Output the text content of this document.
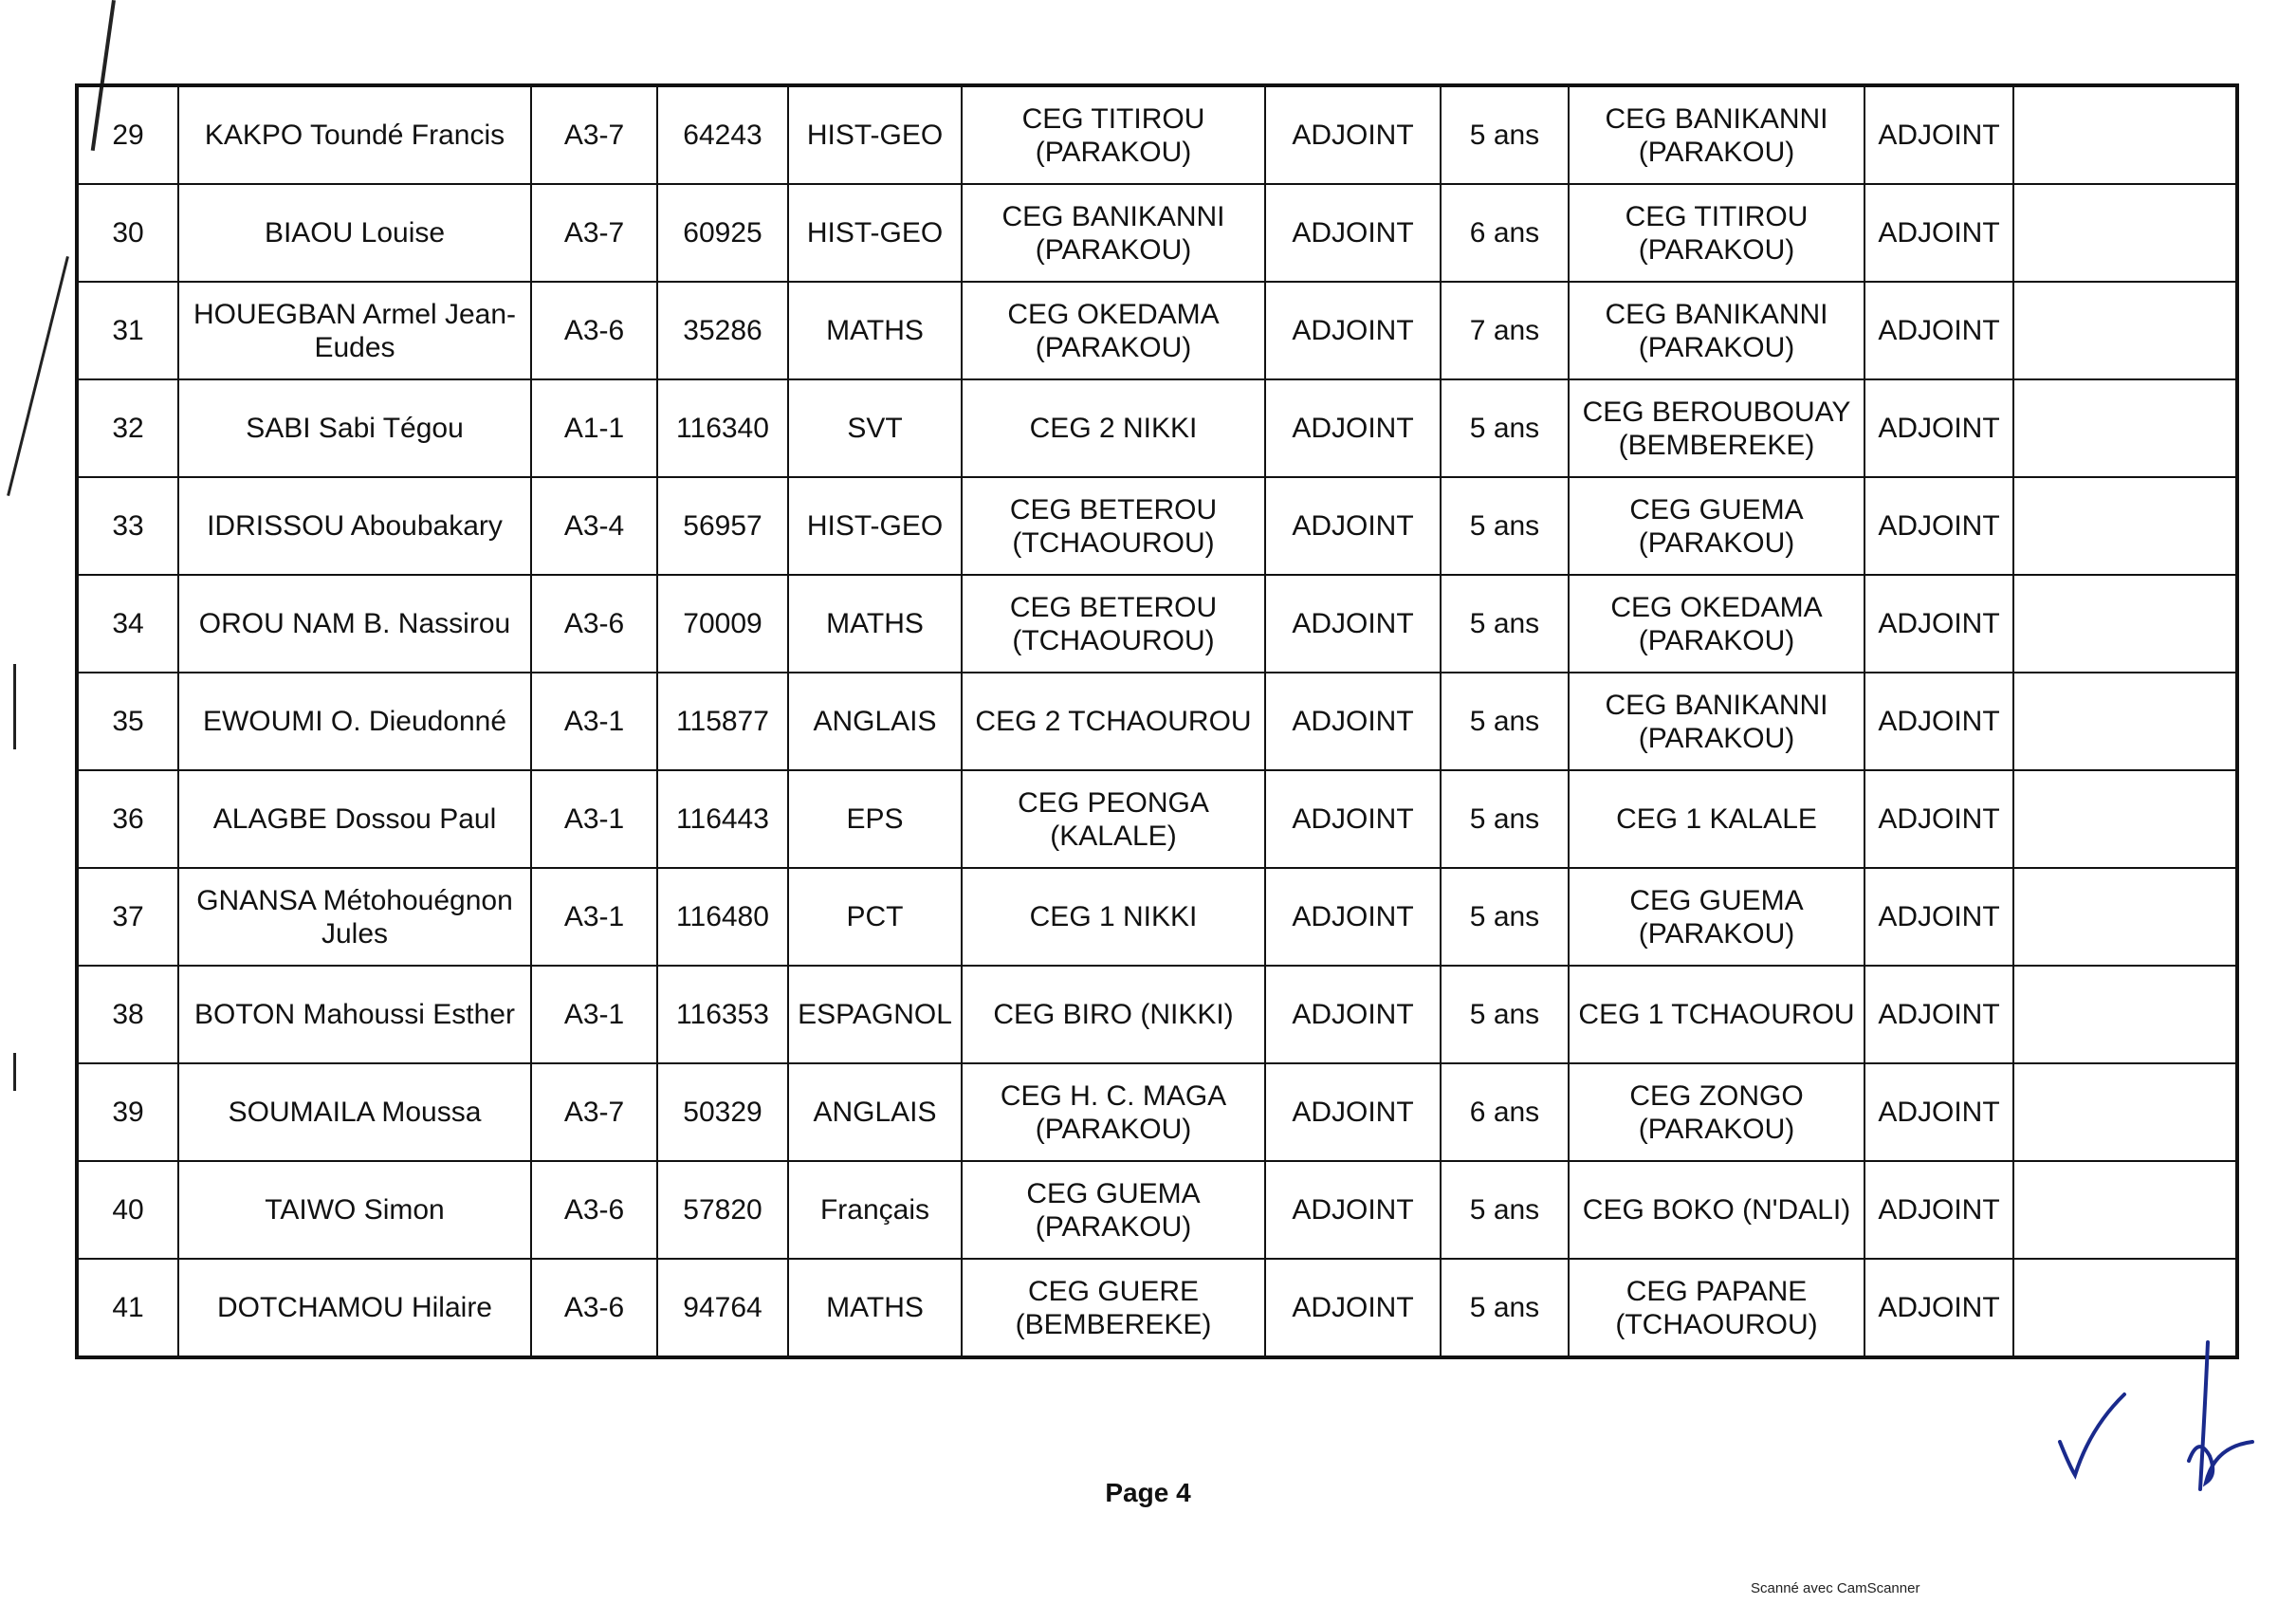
29	KAKPO Toundé Francis	A3-7	64243	HIST-GEO	CEG TITIROU (PARAKOU)	ADJOINT	5 ans	CEG BANIKANNI (PARAKOU)	ADJOINT	
30	BIAOU Louise	A3-7	60925	HIST-GEO	CEG BANIKANNI (PARAKOU)	ADJOINT	6 ans	CEG TITIROU (PARAKOU)	ADJOINT	
31	HOUEGBAN Armel Jean-Eudes	A3-6	35286	MATHS	CEG OKEDAMA (PARAKOU)	ADJOINT	7 ans	CEG BANIKANNI (PARAKOU)	ADJOINT	
32	SABI Sabi Tégou	A1-1	116340	SVT	CEG 2 NIKKI	ADJOINT	5 ans	CEG BEROUBOUAY (BEMBEREKE)	ADJOINT	
33	IDRISSOU Aboubakary	A3-4	56957	HIST-GEO	CEG BETEROU (TCHAOUROU)	ADJOINT	5 ans	CEG GUEMA (PARAKOU)	ADJOINT	
34	OROU NAM B. Nassirou	A3-6	70009	MATHS	CEG BETEROU (TCHAOUROU)	ADJOINT	5 ans	CEG OKEDAMA (PARAKOU)	ADJOINT	
35	EWOUMI O. Dieudonné	A3-1	115877	ANGLAIS	CEG 2 TCHAOUROU	ADJOINT	5 ans	CEG BANIKANNI (PARAKOU)	ADJOINT	
36	ALAGBE Dossou Paul	A3-1	116443	EPS	CEG PEONGA (KALALE)	ADJOINT	5 ans	CEG 1 KALALE	ADJOINT	
37	GNANSA Métohouégnon Jules	A3-1	116480	PCT	CEG 1 NIKKI	ADJOINT	5 ans	CEG GUEMA (PARAKOU)	ADJOINT	
38	BOTON Mahoussi Esther	A3-1	116353	ESPAGNOL	CEG BIRO (NIKKI)	ADJOINT	5 ans	CEG 1 TCHAOUROU	ADJOINT	
39	SOUMAILA Moussa	A3-7	50329	ANGLAIS	CEG H. C. MAGA (PARAKOU)	ADJOINT	6 ans	CEG ZONGO (PARAKOU)	ADJOINT	
40	TAIWO Simon	A3-6	57820	Français	CEG GUEMA (PARAKOU)	ADJOINT	5 ans	CEG BOKO (N'DALI)	ADJOINT	
41	DOTCHAMOU Hilaire	A3-6	94764	MATHS	CEG GUERE (BEMBEREKE)	ADJOINT	5 ans	CEG PAPANE (TCHAOUROU)	ADJOINT	
Page 4
Scanné avec CamScanner
